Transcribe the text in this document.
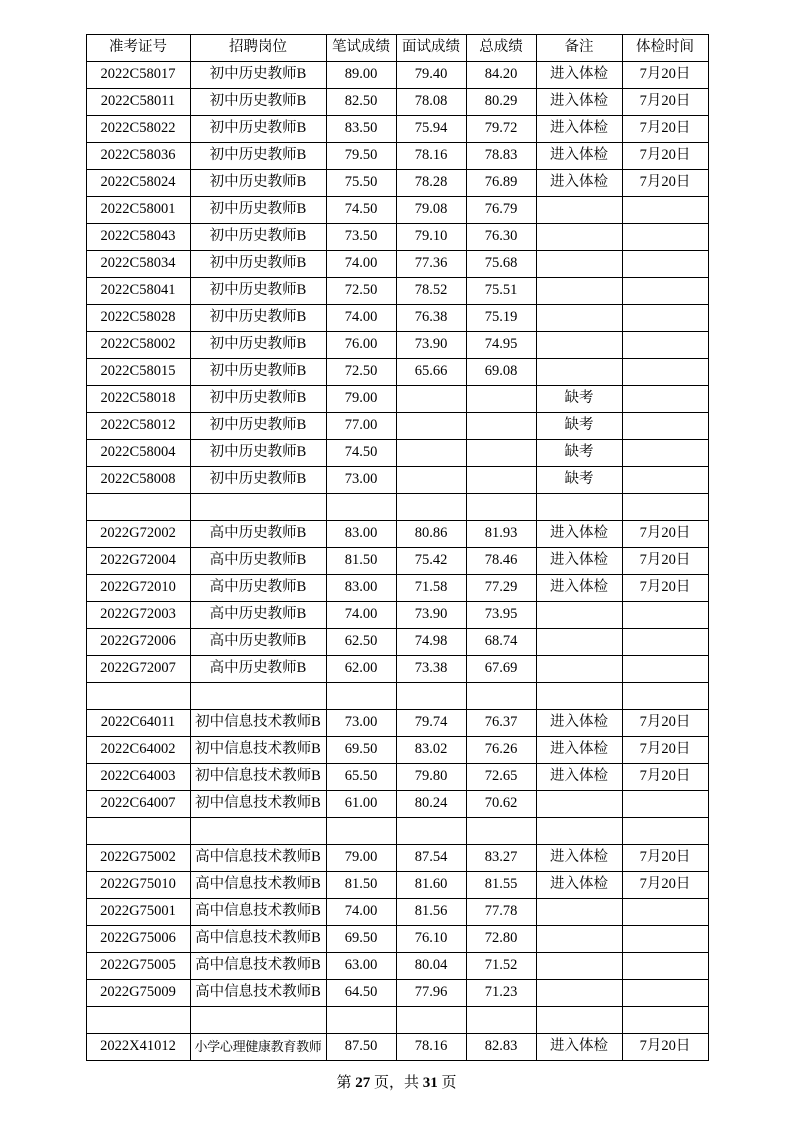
准考证号	招聘岗位	笔试成绩	面试成绩	总成绩	备注	体检时间
2022C58017	初中历史教师B	89.00	79.40	84.20	进入体检	7月20日
2022C58011	初中历史教师B	82.50	78.08	80.29	进入体检	7月20日
2022C58022	初中历史教师B	83.50	75.94	79.72	进入体检	7月20日
2022C58036	初中历史教师B	79.50	78.16	78.83	进入体检	7月20日
2022C58024	初中历史教师B	75.50	78.28	76.89	进入体检	7月20日
2022C58001	初中历史教师B	74.50	79.08	76.79		
2022C58043	初中历史教师B	73.50	79.10	76.30		
2022C58034	初中历史教师B	74.00	77.36	75.68		
2022C58041	初中历史教师B	72.50	78.52	75.51		
2022C58028	初中历史教师B	74.00	76.38	75.19		
2022C58002	初中历史教师B	76.00	73.90	74.95		
2022C58015	初中历史教师B	72.50	65.66	69.08		
2022C58018	初中历史教师B	79.00			缺考	
2022C58012	初中历史教师B	77.00			缺考	
2022C58004	初中历史教师B	74.50			缺考	
2022C58008	初中历史教师B	73.00			缺考	

2022G72002	高中历史教师B	83.00	80.86	81.93	进入体检	7月20日
2022G72004	高中历史教师B	81.50	75.42	78.46	进入体检	7月20日
2022G72010	高中历史教师B	83.00	71.58	77.29	进入体检	7月20日
2022G72003	高中历史教师B	74.00	73.90	73.95		
2022G72006	高中历史教师B	62.50	74.98	68.74		
2022G72007	高中历史教师B	62.00	73.38	67.69		

2022C64011	初中信息技术教师B	73.00	79.74	76.37	进入体检	7月20日
2022C64002	初中信息技术教师B	69.50	83.02	76.26	进入体检	7月20日
2022C64003	初中信息技术教师B	65.50	79.80	72.65	进入体检	7月20日
2022C64007	初中信息技术教师B	61.00	80.24	70.62		

2022G75002	高中信息技术教师B	79.00	87.54	83.27	进入体检	7月20日
2022G75010	高中信息技术教师B	81.50	81.60	81.55	进入体检	7月20日
2022G75001	高中信息技术教师B	74.00	81.56	77.78		
2022G75006	高中信息技术教师B	69.50	76.10	72.80		
2022G75005	高中信息技术教师B	63.00	80.04	71.52		
2022G75009	高中信息技术教师B	64.50	77.96	71.23		

2022X41012	小学心理健康教育教师	87.50	78.16	82.83	进入体检	7月20日
第 27 页，共 31 页
